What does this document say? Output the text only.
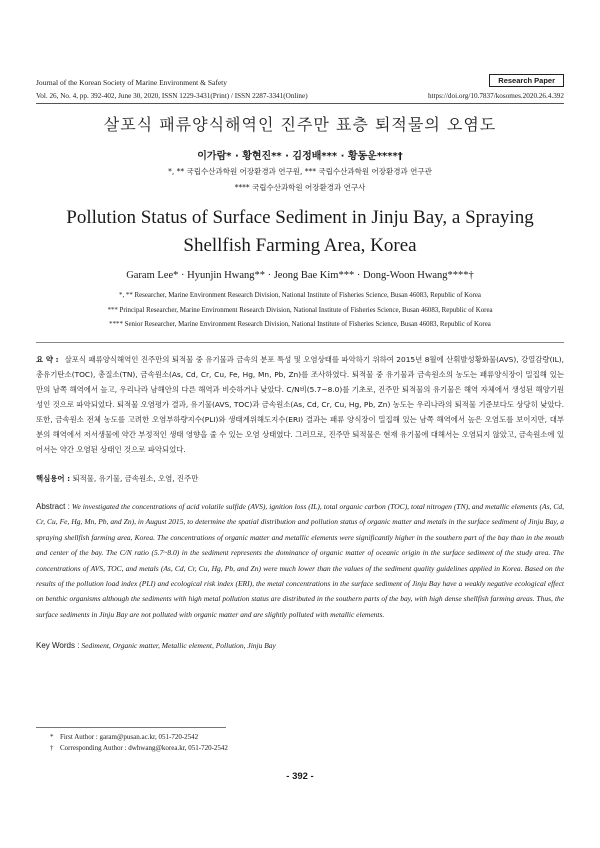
Journal of the Korean Society of Marine Environment & Safety	Research Paper
Vol. 26, No. 4, pp. 392-402, June 30, 2020, ISSN 1229-3431(Print) / ISSN 2287-3341(Online)	https://doi.org/10.7837/kosomes.2020.26.4.392
살포식 패류양식해역인 진주만 표층 퇴적물의 오염도
이가람* · 황현진** · 김정배*** · 황동운****†
*, ** 국립수산과학원 어장환경과 연구원, *** 국립수산과학원 어장환경과 연구관
**** 국립수산과학원 어장환경과 연구사
Pollution Status of Surface Sediment in Jinju Bay, a Spraying Shellfish Farming Area, Korea
Garam Lee* · Hyunjin Hwang** · Jeong Bae Kim*** · Dong-Woon Hwang****†
*, ** Researcher, Marine Environment Research Division, National Institute of Fisheries Science, Busan 46083, Republic of Korea
*** Principal Researcher, Marine Environment Research Division, National Institute of Fisheries Science, Busan 46083, Republic of Korea
**** Senior Researcher, Marine Environment Research Division, National Institute of Fisheries Science, Busan 46083, Republic of Korea
요 약 : 살포식 패류양식해역인 진주만의 퇴적물 중 유기물과 금속의 분포 특성 및 오염상태를 파악하기 위하여 2015년 8월에 산휘발성황화물(AVS), 강열감량(IL), 총유기탄소(TOC), 총질소(TN), 금속원소(As, Cd, Cr, Cu, Fe, Hg, Mn, Pb, Zn)를 조사하였다. 퇴적물 중 유기물과 금속원소의 농도는 패류양식장이 밀집해 있는 만의 남쪽 해역에서 높고, 우리나라 남해안의 다른 해역과 비슷하거나 낮았다. C/N비(5.7~8.0)를 기초로, 진주만 퇴적물의 유기물은 해역 자체에서 생성된 해양기원성인 것으로 파악되었다. 퇴적물 오염평가 결과, 유기물(AVS, TOC)과 금속원소(As, Cd, Cr, Cu, Hg, Pb, Zn) 농도는 우리나라의 퇴적물 기준보다도 상당히 낮았다. 또한, 금속원소 전체 농도를 고려한 오염부하량지수(PLI)와 생태계위해도지수(ERI) 결과는 패류 양식장이 밀집해 있는 남쪽 해역에서 높은 오염도를 보이지만, 대부분의 해역에서 저서생물에 약간 부정적인 생태 영향을 줄 수 있는 오염 상태였다. 그러므로, 진주만 퇴적물은 현재 유기물에 대해서는 오염되지 않았고, 금속원소에 있어서는 약간 오염된 상태인 것으로 파악되었다.
핵심용어 : 퇴적물, 유기물, 금속원소, 오염, 진주만
Abstract : We investigated the concentrations of acid volatile sulfide (AVS), ignition loss (IL), total organic carbon (TOC), total nitrogen (TN), and metallic elements (As, Cd, Cr, Cu, Fe, Hg, Mn, Pb, and Zn), in August 2015, to determine the spatial distribution and pollution status of organic matter and metals in the surface sediment of Jinju Bay, a spraying shellfish farming area, Korea. The concentrations of organic matter and metallic elements were significantly higher in the southern part of the bay than in the mouth and center of the bay. The C/N ratio (5.7~8.0) in the sediment represents the dominance of organic matter of oceanic origin in the surface sediment of the study area. The concentrations of AVS, TOC, and metals (As, Cd, Cr, Cu, Hg, Pb, and Zn) were much lower than the values of the sediment quality guidelines applied in Korea. Based on the results of the pollution load index (PLI) and ecological risk index (ERI), the metal concentrations in the surface sediment of Jinju Bay have a weakly negative ecological effect on benthic organisms although the sediments with high metal pollution status are distributed in the southern parts of the bay, with high dense shellfish farming areas. Thus, the surface sediments in Jinju Bay are not polluted with organic matter and are slightly polluted with metallic elements.
Key Words : Sediment, Organic matter, Metallic element, Pollution, Jinju Bay
* First Author : garam@pusan.ac.kr, 051-720-2542
† Corresponding Author : dwhwang@korea.kr, 051-720-2542
- 392 -
